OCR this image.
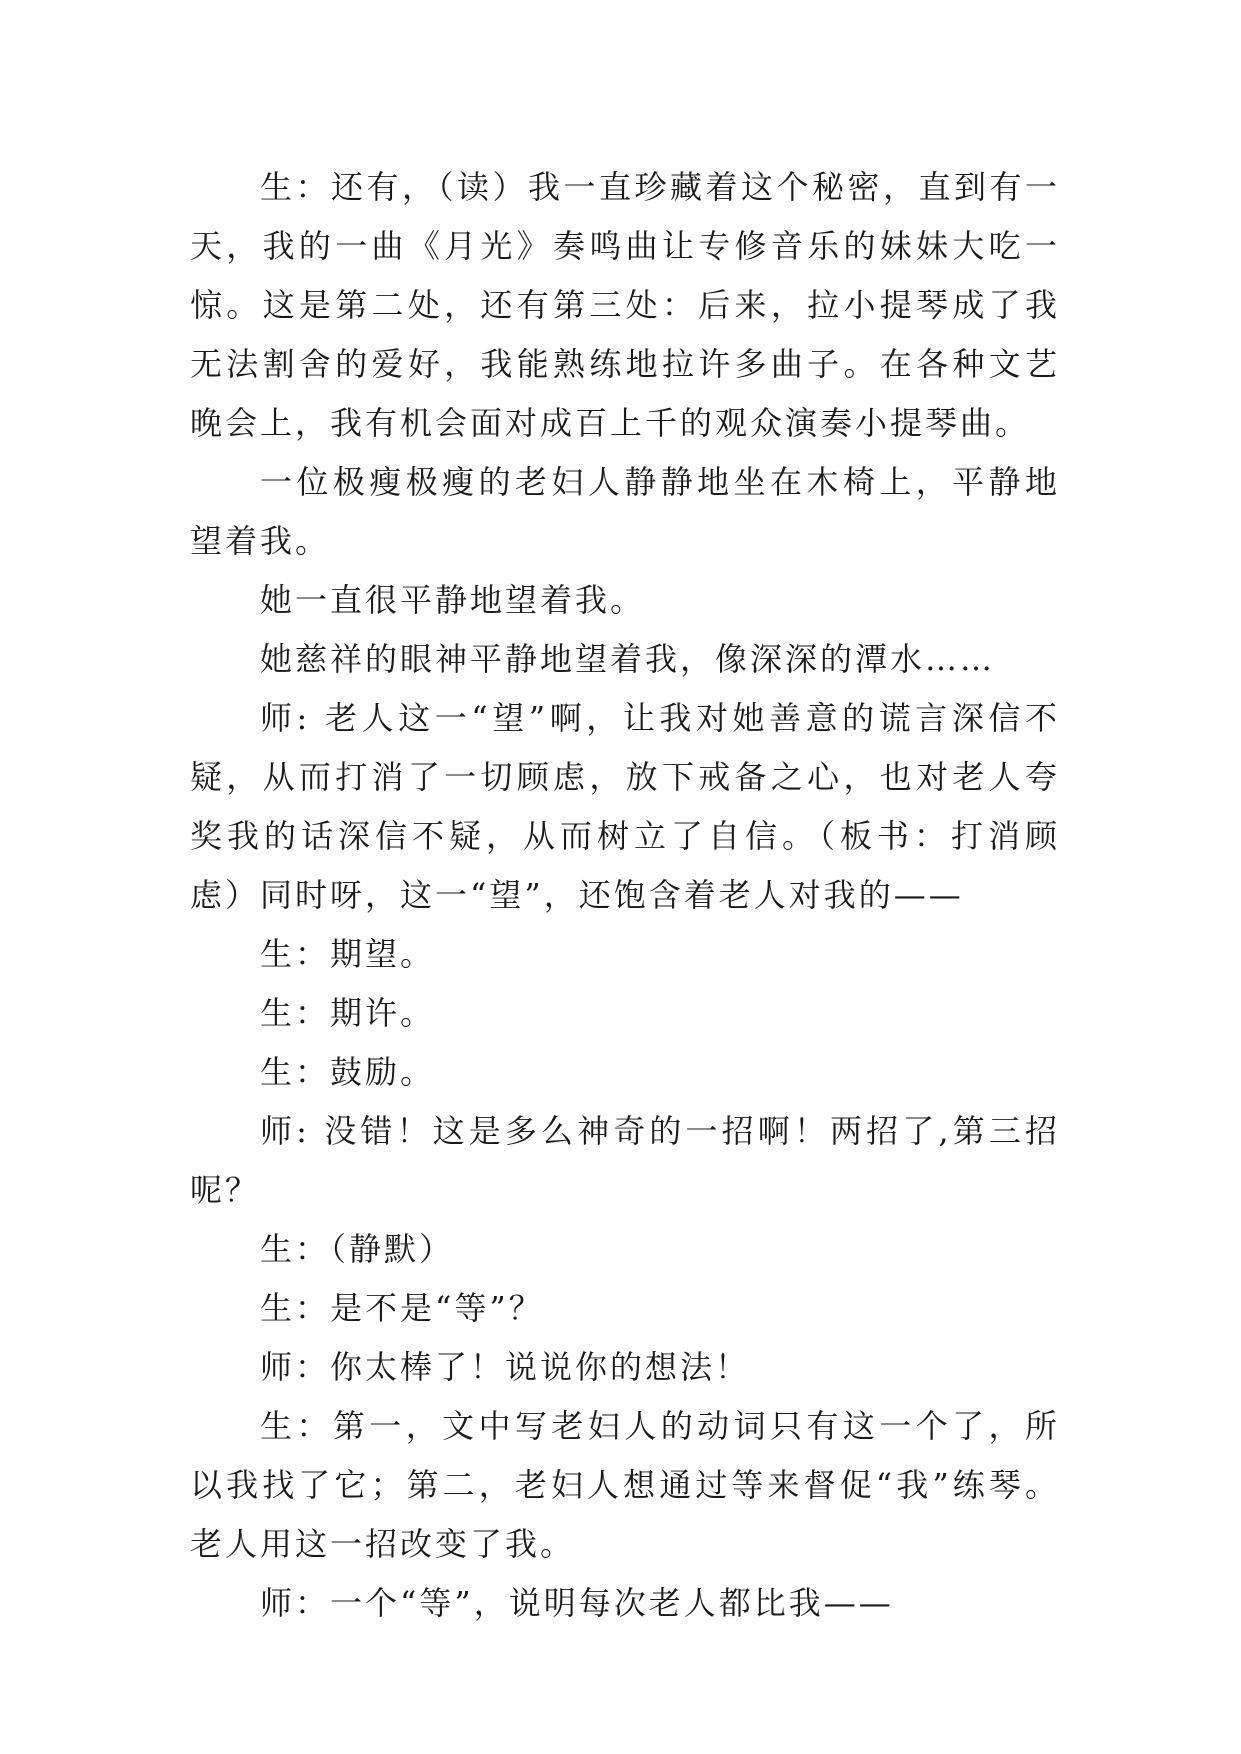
生：还有，（读）我一直珍藏着这个秘密，直到有一天，我的一曲《月光》奏鸣曲让专修音乐的妹妹大吃一惊。这是第二处，还有第三处：后来，拉小提琴成了我无法割舍的爱好，我能熟练地拉许多曲子。在各种文艺晚会上，我有机会面对成百上千的观众演奏小提琴曲。

一位极瘦极瘦的老妇人静静地坐在木椅上，平静地望着我。

她一直很平静地望着我。

她慈祥的眼神平静地望着我，像深深的潭水……

师: 老人这一“望”啊，让我对她善意的谎言深信不疑，从而打消了一切顾虑，放下戒备之心，也对老人夸奖我的话深信不疑，从而树立了自信。（板书：打消顾虑）同时呀，这一“望”，还饱含着老人对我的——

生：期望。

生：期许。

生：鼓励。

师: 没错！这是多么神奇的一招啊！两招了,第三招呢？

生：（静默）

生：是不是“等”？

师：你太棒了！说说你的想法！

生：第一，文中写老妇人的动词只有这一个了，所以我找了它；第二，老妇人想通过等来督促“我”练琴。老人用这一招改变了我。

师：一个“等”，说明每次老人都比我——
